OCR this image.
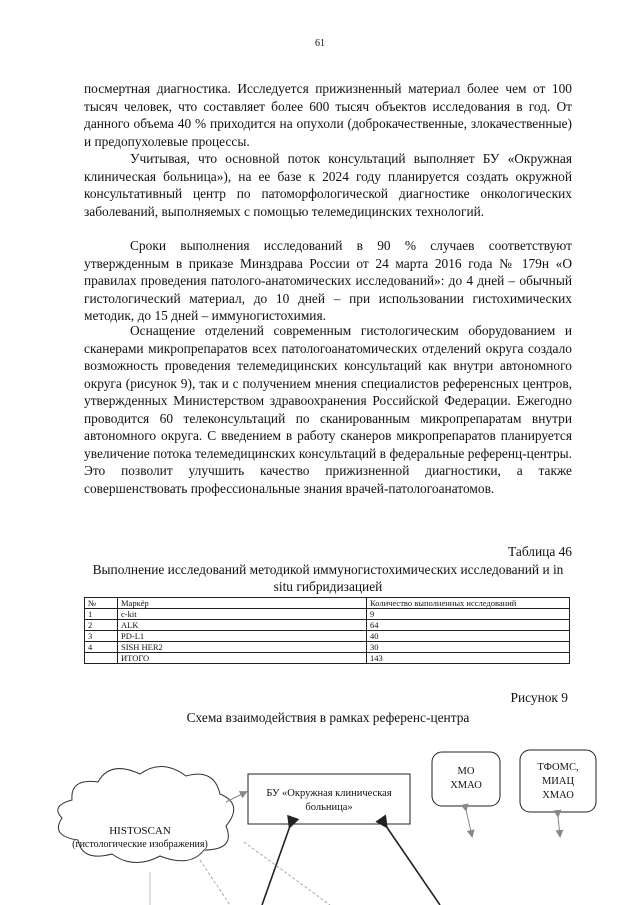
61

посмертная диагностика. Исследуется прижизненный материал более чем от 100 тысяч человек, что составляет более 600 тысяч объектов исследования в год. От данного объема 40 % приходится на опухоли (доброкачественные, злокачественные) и предопухолевые процессы.

Учитывая, что основной поток консультаций выполняет БУ «Окружная клиническая больница»), на ее базе к 2024 году планируется создать окружной консультативный центр по патоморфологической диагностике онкологических заболеваний, выполняемых с помощью телемедицинских технологий.

Сроки выполнения исследований в 90 % случаев соответствуют утвержденным в приказе Минздрава России от 24 марта 2016 года № 179н «О правилах проведения патолого-анатомических исследований»: до 4 дней – обычный гистологический материал, до 10 дней – при использовании гистохимических методик, до 15 дней – иммуногистохимия.

Оснащение отделений современным гистологическим оборудованием и сканерами микропрепаратов всех патологоанатомических отделений округа создало возможность проведения телемедицинских консультаций как внутри автономного округа (рисунок 9), так и с получением мнения специалистов референсных центров, утвержденных Министерством здравоохранения Российской Федерации. Ежегодно проводится 60 телеконсультаций по сканированным микропрепаратам внутри автономного округа. С введением в работу сканеров микропрепаратов планируется увеличение потока телемедицинских консультаций в федеральные референц-центры. Это позволит улучшить качество прижизненной диагностики, а также совершенствовать профессиональные знания врачей-патологоанатомов.

Таблица 46
Выполнение исследований методикой иммуногистохимических исследований и in situ гибридизацией
№	Маркёр	Количество выполненных исследований
1	c-kit	9
2	ALK	64
3	PD-L1	40
4	SISH HER2	30
	ИТОГО	143
Рисунок 9
Схема взаимодействия в рамках референс-центра
HISTOSCAN
(гистологические изображения)
БУ «Окружная клиническая
больница»
МО
ХМАО
ТФОМС,
МИАЦ
ХМАО
